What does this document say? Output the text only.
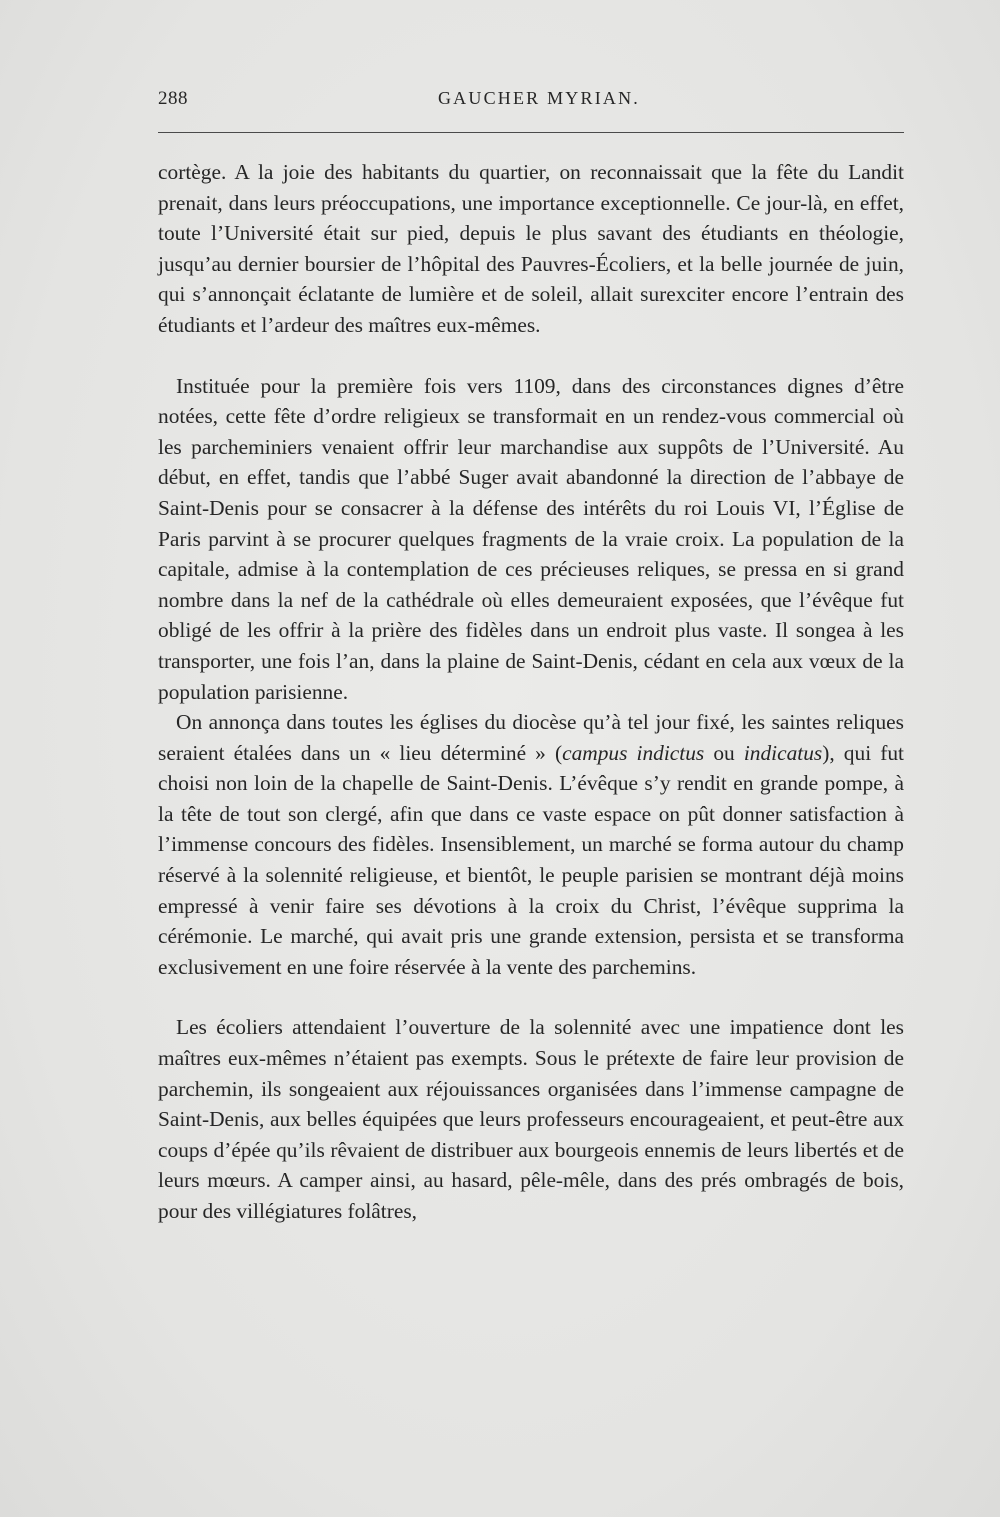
288	GAUCHER MYRIAN.

cortège. A la joie des habitants du quartier, on reconnaissait que la fête du Landit prenait, dans leurs préoccupations, une importance exceptionnelle. Ce jour-là, en effet, toute l’Université était sur pied, depuis le plus savant des étudiants en théologie, jusqu’au dernier boursier de l’hôpital des Pauvres-Écoliers, et la belle journée de juin, qui s’annonçait éclatante de lumière et de soleil, allait surexciter encore l’entrain des étudiants et l’ardeur des maîtres eux-mêmes.

Instituée pour la première fois vers 1109, dans des circonstances dignes d’être notées, cette fête d’ordre religieux se transformait en un rendez-vous commercial où les parcheminiers venaient offrir leur marchandise aux suppôts de l’Université. Au début, en effet, tandis que l’abbé Suger avait abandonné la direction de l’abbaye de Saint-Denis pour se consacrer à la défense des intérêts du roi Louis VI, l’Église de Paris parvint à se procurer quelques fragments de la vraie croix. La population de la capitale, admise à la contemplation de ces précieuses reliques, se pressa en si grand nombre dans la nef de la cathédrale où elles demeuraient exposées, que l’évêque fut obligé de les offrir à la prière des fidèles dans un endroit plus vaste. Il songea à les transporter, une fois l’an, dans la plaine de Saint-Denis, cédant en cela aux vœux de la population parisienne.

On annonça dans toutes les églises du diocèse qu’à tel jour fixé, les saintes reliques seraient étalées dans un « lieu déterminé » (campus indictus ou indicatus), qui fut choisi non loin de la chapelle de Saint-Denis. L’évêque s’y rendit en grande pompe, à la tête de tout son clergé, afin que dans ce vaste espace on pût donner satisfaction à l’immense concours des fidèles. Insensiblement, un marché se forma autour du champ réservé à la solennité religieuse, et bientôt, le peuple parisien se montrant déjà moins empressé à venir faire ses dévotions à la croix du Christ, l’évêque supprima la cérémonie. Le marché, qui avait pris une grande extension, persista et se transforma exclusivement en une foire réservée à la vente des parchemins.

Les écoliers attendaient l’ouverture de la solennité avec une impatience dont les maîtres eux-mêmes n’étaient pas exempts. Sous le prétexte de faire leur provision de parchemin, ils songeaient aux réjouissances organisées dans l’immense campagne de Saint-Denis, aux belles équipées que leurs professeurs encourageaient, et peut-être aux coups d’épée qu’ils rêvaient de distribuer aux bourgeois ennemis de leurs libertés et de leurs mœurs. A camper ainsi, au hasard, pêle-mêle, dans des prés ombragés de bois, pour des villégiatures folâtres,
